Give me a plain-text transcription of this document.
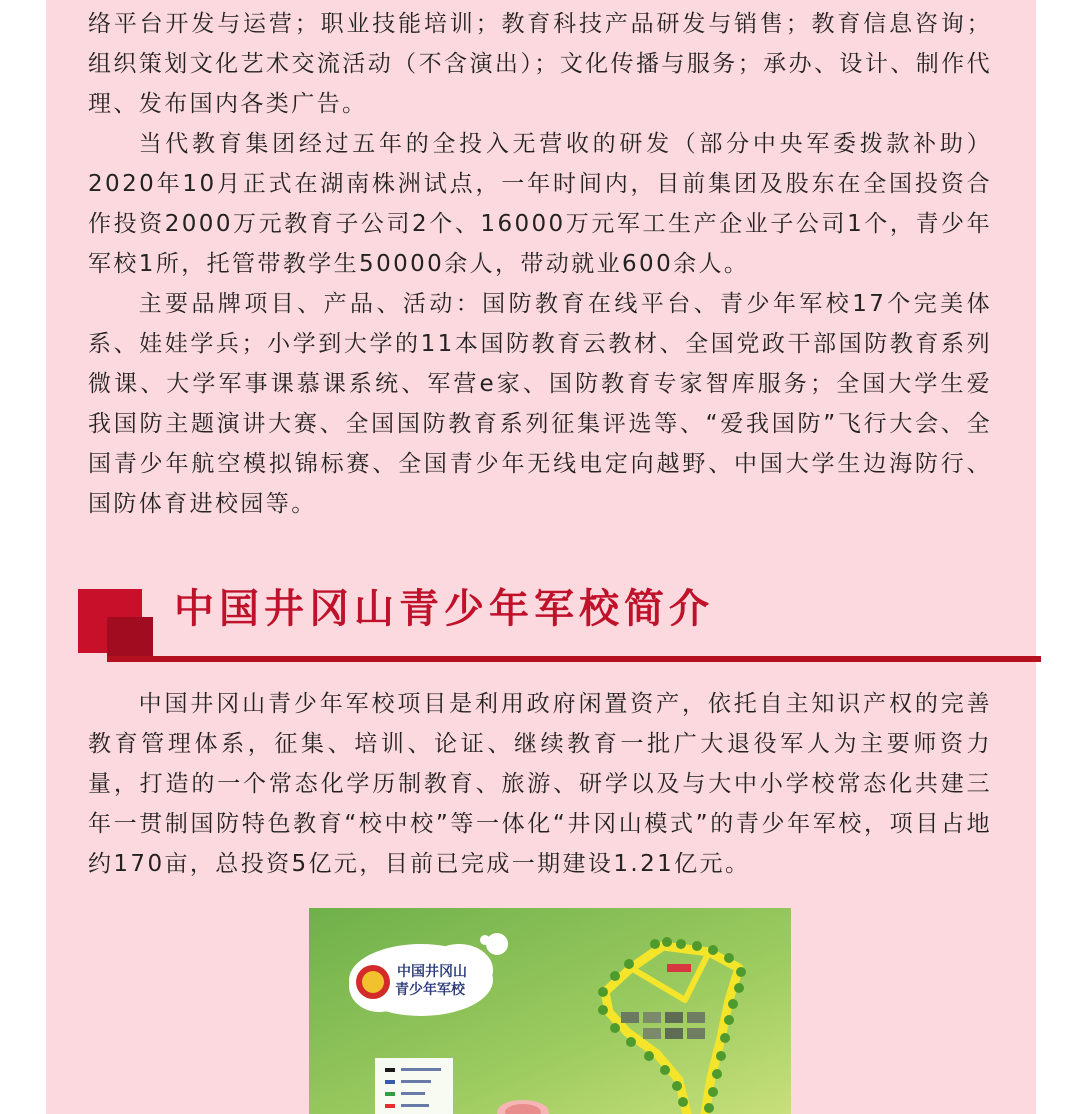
络平台开发与运营；职业技能培训；教育科技产品研发与销售；教育信息咨询；组织策划文化艺术交流活动（不含演出）；文化传播与服务；承办、设计、制作代理、发布国内各类广告。

当代教育集团经过五年的全投入无营收的研发（部分中央军委拨款补助）2020年10月正式在湖南株洲试点，一年时间内，目前集团及股东在全国投资合作投资2000万元教育子公司2个、16000万元军工生产企业子公司1个，青少年军校1所，托管带教学生50000余人，带动就业600余人。

主要品牌项目、产品、活动：国防教育在线平台、青少年军校17个完美体系、娃娃学兵；小学到大学的11本国防教育云教材、全国党政干部国防教育系列微课、大学军事课慕课系统、军营e家、国防教育专家智库服务；全国大学生爱我国防主题演讲大赛、全国国防教育系列征集评选等、“爱我国防”飞行大会、全国青少年航空模拟锦标赛、全国青少年无线电定向越野、中国大学生边海防行、国防体育进校园等。

中国井冈山青少年军校简介

中国井冈山青少年军校项目是利用政府闲置资产，依托自主知识产权的完善教育管理体系，征集、培训、论证、继续教育一批广大退役军人为主要师资力量，打造的一个常态化学历制教育、旅游、研学以及与大中小学校常态化共建三年一贯制国防特色教育“校中校”等一体化“井冈山模式”的青少年军校，项目占地约170亩，总投资5亿元，目前已完成一期建设1.21亿元。

中国井冈山
青少年军校
